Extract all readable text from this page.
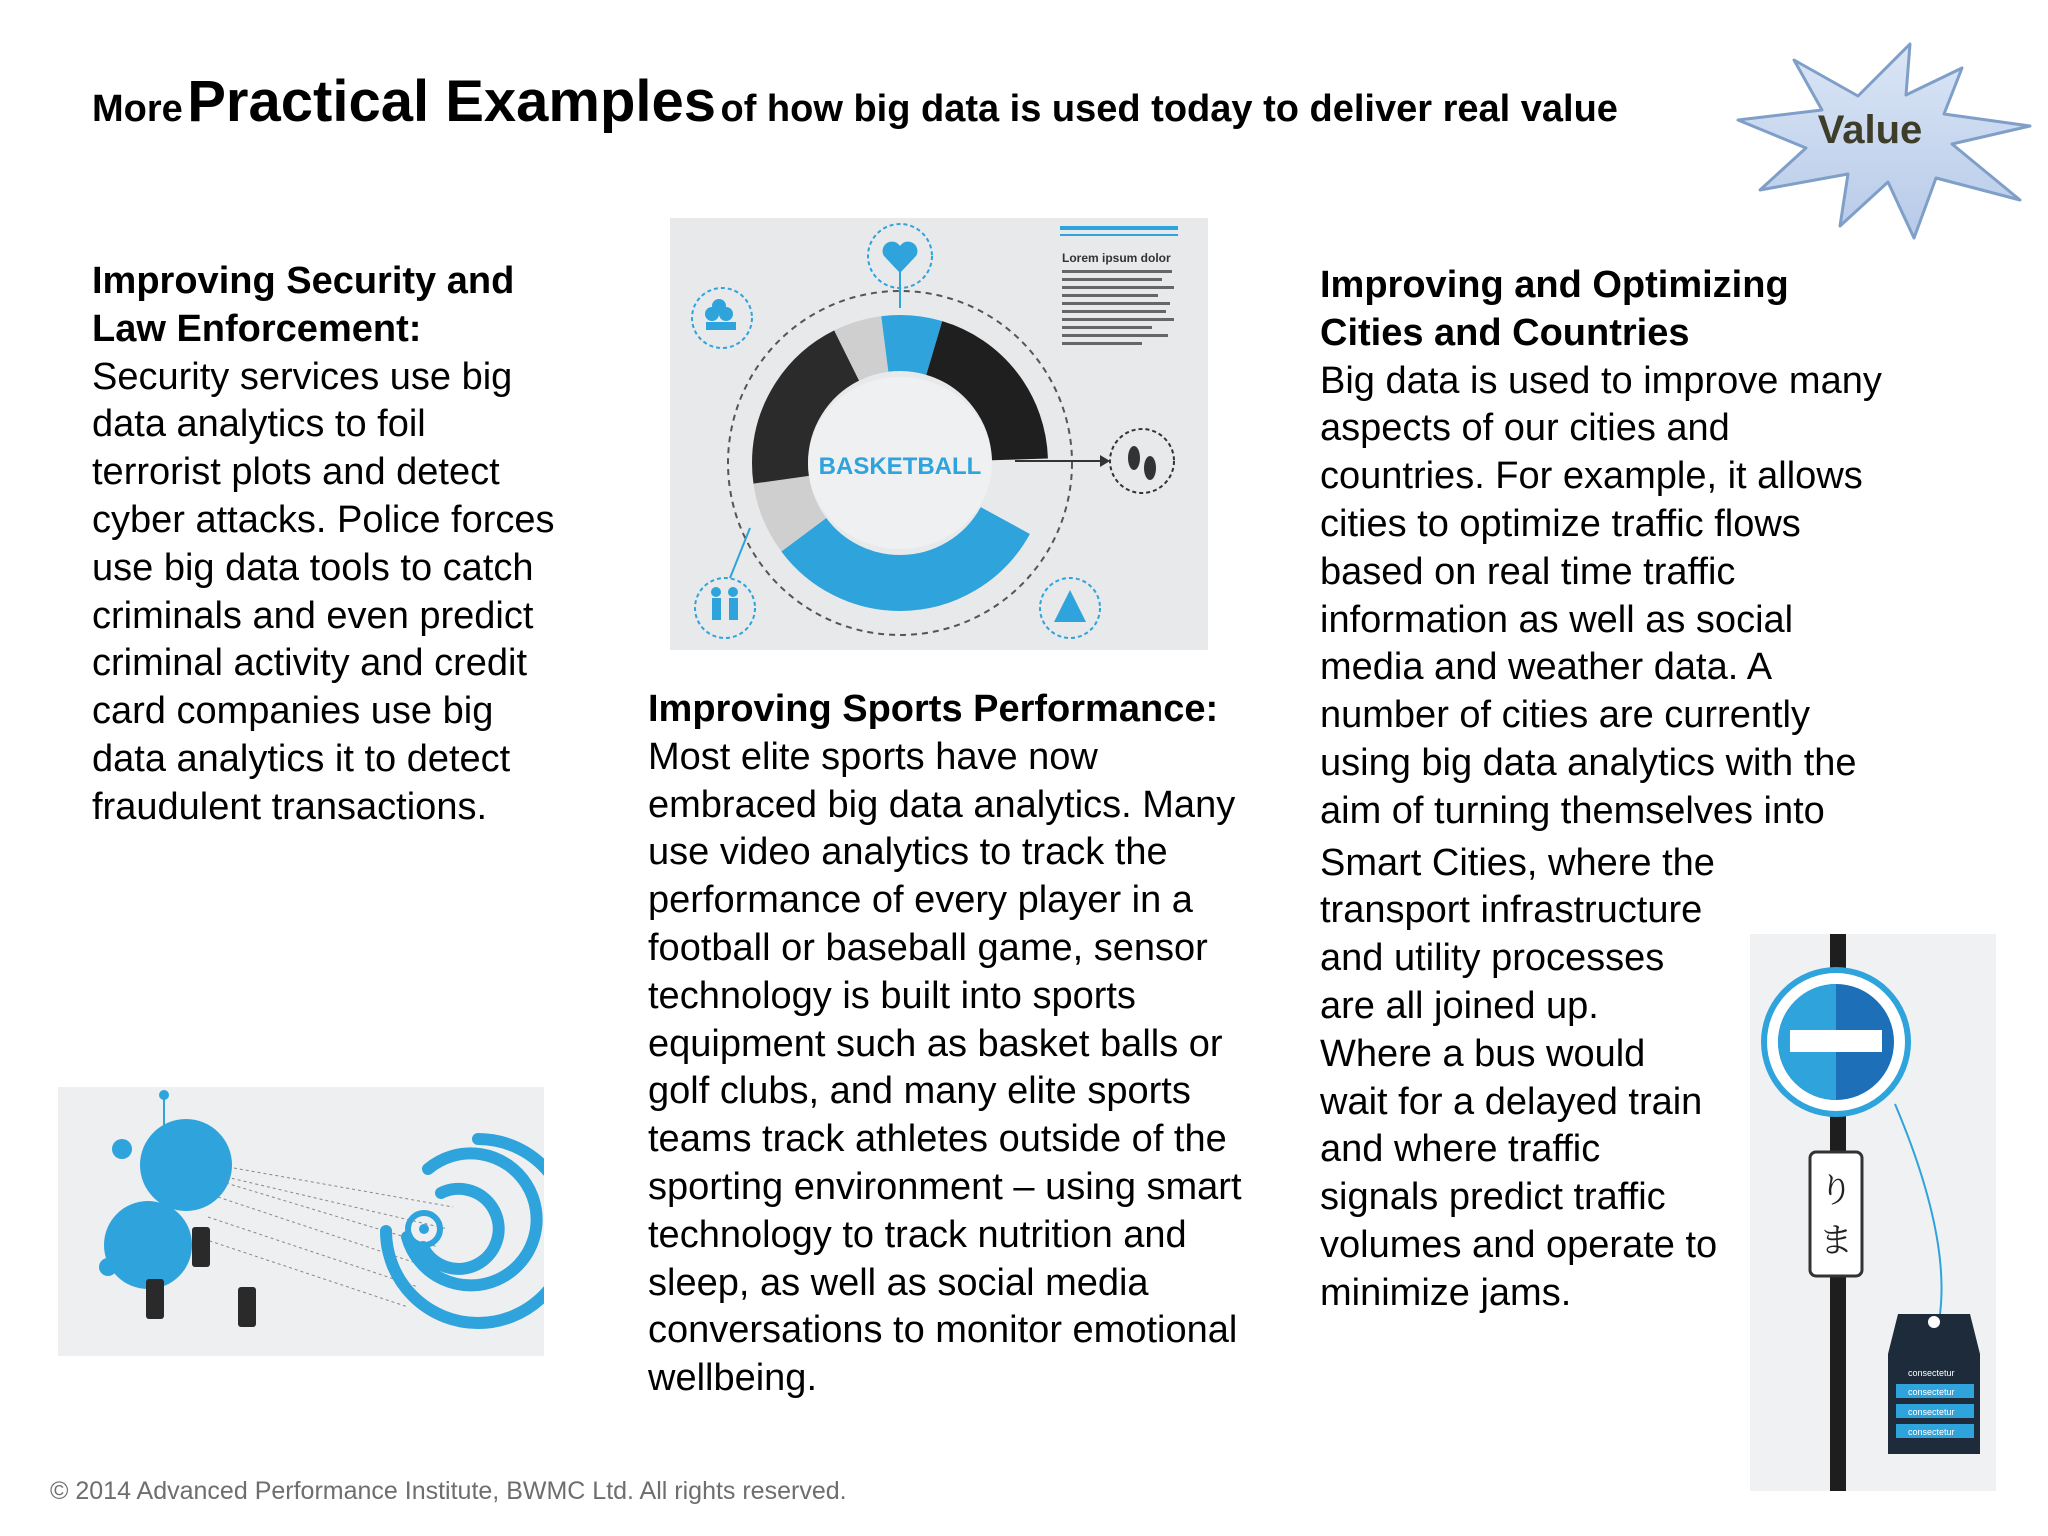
More Practical Examples of how big data is used today to deliver real value	Value
Improving Security and Law Enforcement:

Security services use big data analytics to foil terrorist plots and detect cyber attacks. Police forces use big data tools to catch criminals and even predict criminal activity and credit card companies use big data analytics it to detect fraudulent transactions.

BASKETBALL
Lorem ipsum dolor
Improving Sports Performance:

Most elite sports have now embraced big data analytics. Many use video analytics to track the performance of every player in a football or baseball game, sensor technology is built into sports equipment such as basket balls or golf clubs, and many elite sports teams track athletes outside of the sporting environment – using smart technology to track nutrition and sleep, as well as social media conversations to monitor emotional wellbeing.

Improving and Optimizing Cities and Countries

Big data is used to improve many aspects of our cities and countries. For example, it allows cities to optimize traffic flows based on real time traffic information as well as social media and weather data. A number of cities are currently using big data analytics with the aim of turning themselves into

Smart Cities, where the transport infrastructure and utility processes are all joined up. Where a bus would wait for a delayed train and where traffic signals predict traffic volumes and operate to minimize jams.

り
ま
consectetur
consectetur
consectetur
consectetur
© 2014 Advanced Performance Institute, BWMC Ltd. All rights reserved.
